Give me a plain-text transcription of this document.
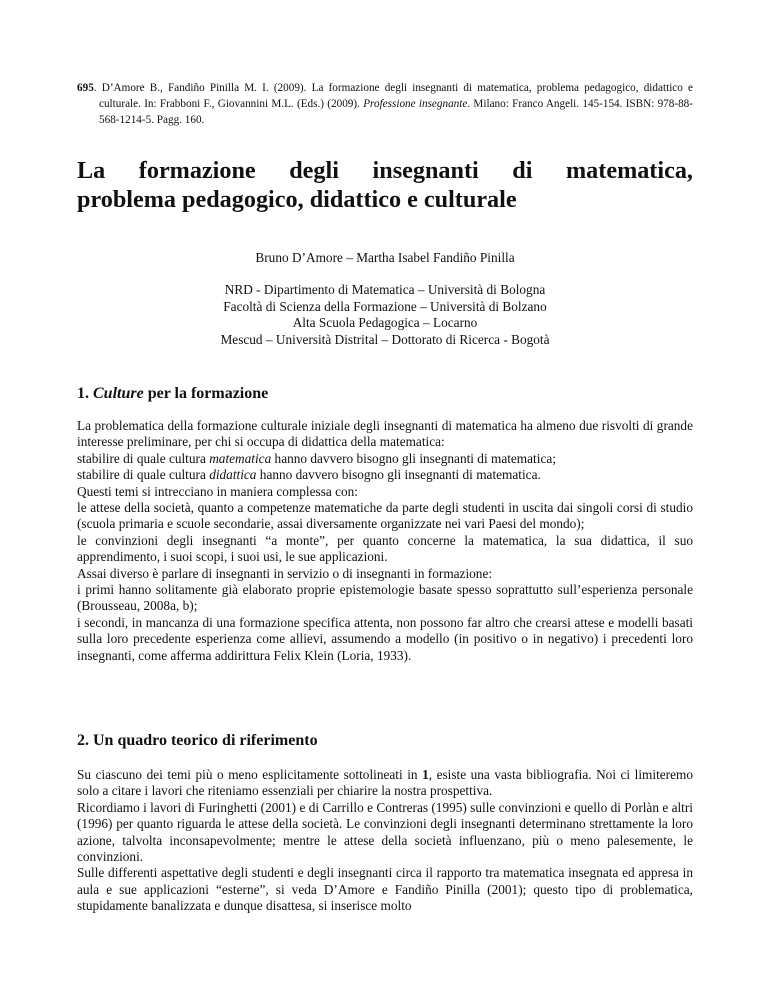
695. D’Amore B., Fandiño Pinilla M. I. (2009). La formazione degli insegnanti di matematica, problema pedagogico, didattico e culturale. In: Frabboni F., Giovannini M.L. (Eds.) (2009). Professione insegnante. Milano: Franco Angeli. 145-154. ISBN: 978-88-568-1214-5. Pagg. 160.
La formazione degli insegnanti di matematica,
problema pedagogico, didattico e culturale
Bruno D’Amore – Martha Isabel Fandiño Pinilla
NRD - Dipartimento di Matematica – Università di Bologna
Facoltà di Scienza della Formazione – Università di Bolzano
Alta Scuola Pedagogica – Locarno
Mescud – Università Distrital – Dottorato di Ricerca - Bogotà
1. Culture per la formazione

La problematica della formazione culturale iniziale degli insegnanti di matematica ha almeno due risvolti di grande interesse preliminare, per chi si occupa di didattica della matematica:

stabilire di quale cultura matematica hanno davvero bisogno gli insegnanti di matematica;

stabilire di quale cultura didattica hanno davvero bisogno gli insegnanti di matematica.

Questi temi si intrecciano in maniera complessa con:

le attese della società, quanto a competenze matematiche da parte degli studenti in uscita dai singoli corsi di studio (scuola primaria e scuole secondarie, assai diversamente organizzate nei vari Paesi del mondo);

le convinzioni degli insegnanti “a monte”, per quanto concerne la matematica, la sua didattica, il suo apprendimento, i suoi scopi, i suoi usi, le sue applicazioni.

Assai diverso è parlare di insegnanti in servizio o di insegnanti in formazione:

i primi hanno solitamente già elaborato proprie epistemologie basate spesso soprattutto sull’esperienza personale (Brousseau, 2008a, b);

i secondi, in mancanza di una formazione specifica attenta, non possono far altro che crearsi attese e modelli basati sulla loro precedente esperienza come allievi, assumendo a modello (in positivo o in negativo) i precedenti loro insegnanti, come afferma addirittura Felix Klein (Loria, 1933).

2. Un quadro teorico di riferimento

Su ciascuno dei temi più o meno esplicitamente sottolineati in 1, esiste una vasta bibliografia. Noi ci limiteremo solo a citare i lavori che riteniamo essenziali per chiarire la nostra prospettiva.

Ricordiamo i lavori di Furinghetti (2001) e di Carrillo e Contreras (1995) sulle convinzioni e quello di Porlàn e altri (1996) per quanto riguarda le attese della società. Le convinzioni degli insegnanti determinano strettamente la loro azione, talvolta inconsapevolmente; mentre le attese della società influenzano, più o meno palesemente, le convinzioni.

Sulle differenti aspettative degli studenti e degli insegnanti circa il rapporto tra matematica insegnata ed appresa in aula e sue applicazioni “esterne”, si veda D’Amore e Fandiño Pinilla (2001); questo tipo di problematica, stupidamente banalizzata e dunque disattesa, si inserisce molto
